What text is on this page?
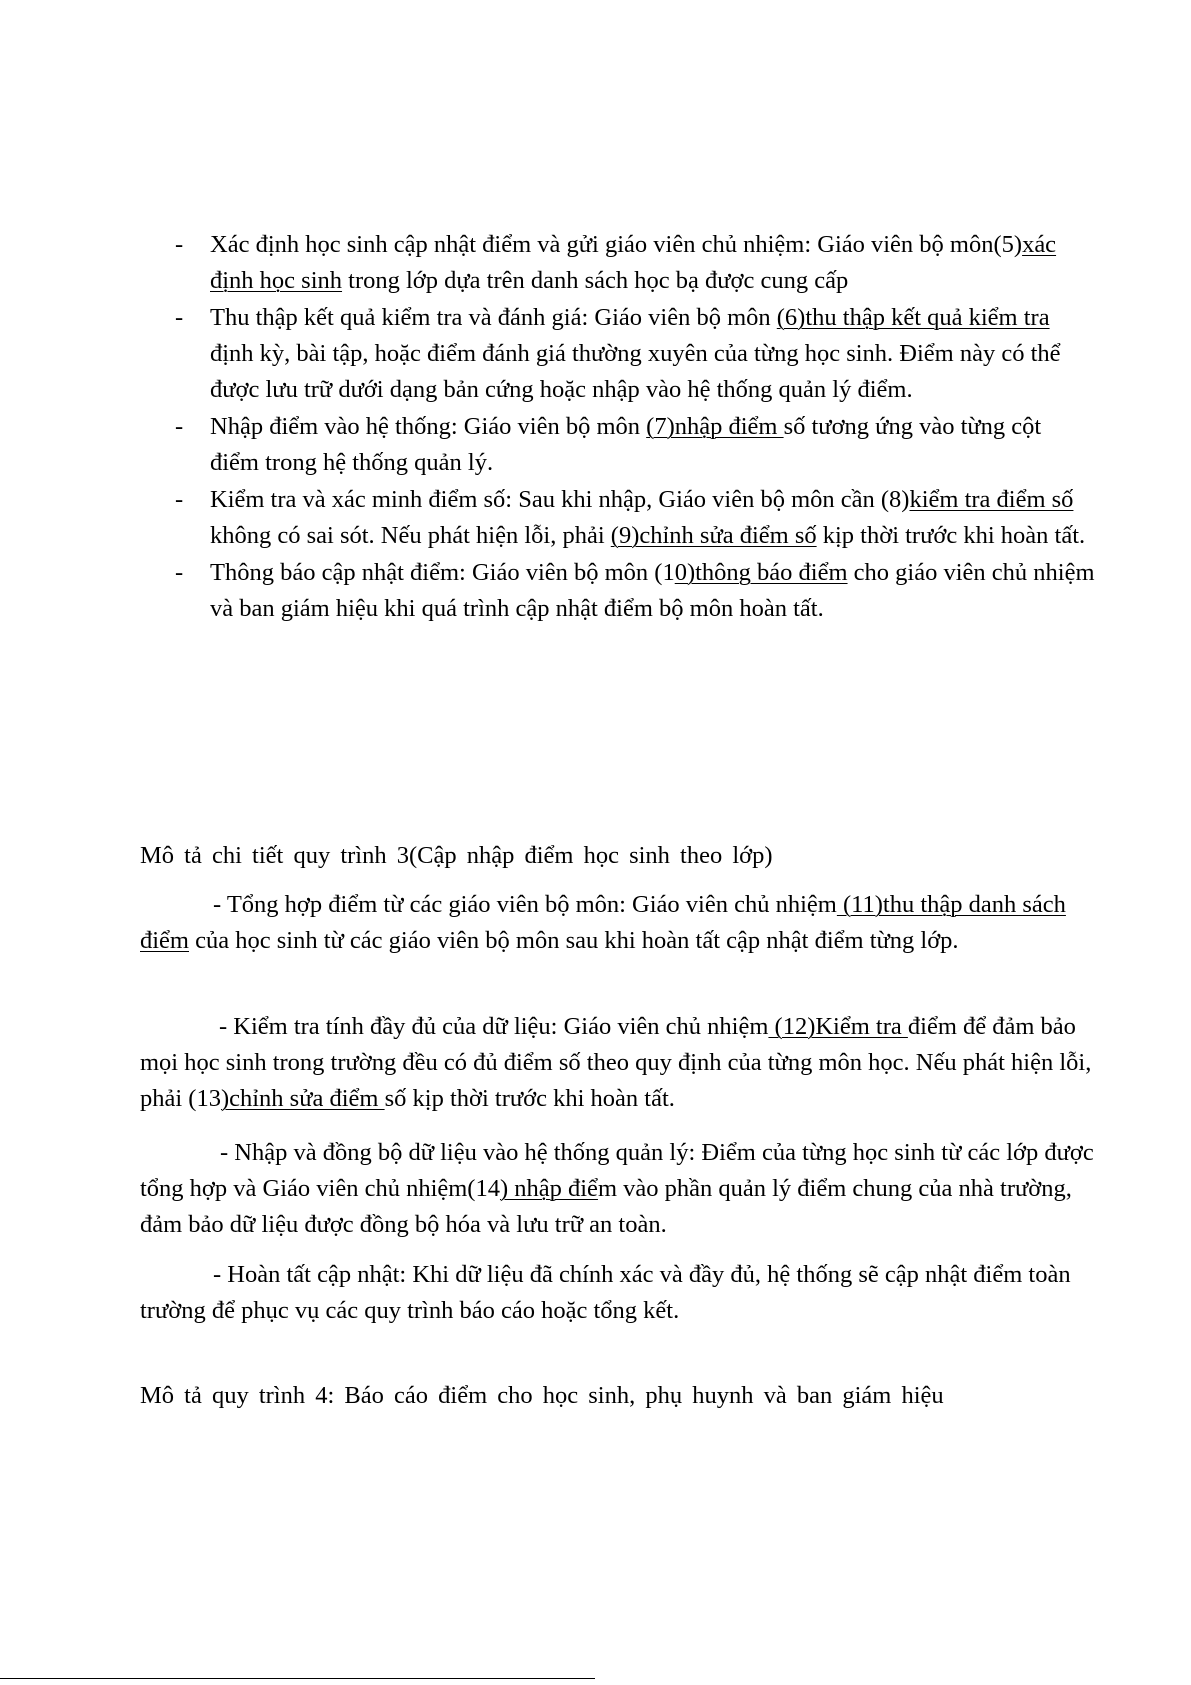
- Xác định học sinh cập nhật điểm và gửi giáo viên chủ nhiệm: Giáo viên bộ môn(5)xác định học sinh trong lớp dựa trên danh sách học bạ được cung cấp

- Thu thập kết quả kiểm tra và đánh giá: Giáo viên bộ môn (6)thu thập kết quả kiểm tra định kỳ, bài tập, hoặc điểm đánh giá thường xuyên của từng học sinh. Điểm này có thể được lưu trữ dưới dạng bản cứng hoặc nhập vào hệ thống quản lý điểm.

- Nhập điểm vào hệ thống: Giáo viên bộ môn (7)nhập điểm số tương ứng vào từng cột điểm trong hệ thống quản lý.

- Kiểm tra và xác minh điểm số: Sau khi nhập, Giáo viên bộ môn cần (8)kiểm tra điểm số không có sai sót. Nếu phát hiện lỗi, phải (9)chỉnh sửa điểm số kịp thời trước khi hoàn tất.

- Thông báo cập nhật điểm: Giáo viên bộ môn (10)thông báo điểm cho giáo viên chủ nhiệm và ban giám hiệu khi quá trình cập nhật điểm bộ môn hoàn tất.

Mô tả chi tiết quy trình 3(Cập nhập điểm học sinh theo lớp)

- Tổng hợp điểm từ các giáo viên bộ môn: Giáo viên chủ nhiệm (11)thu thập danh sách điểm của học sinh từ các giáo viên bộ môn sau khi hoàn tất cập nhật điểm từng lớp.

- Kiểm tra tính đầy đủ của dữ liệu: Giáo viên chủ nhiệm (12)Kiểm tra điểm để đảm bảo mọi học sinh trong trường đều có đủ điểm số theo quy định của từng môn học. Nếu phát hiện lỗi, phải (13)chỉnh sửa điểm số kịp thời trước khi hoàn tất.

- Nhập và đồng bộ dữ liệu vào hệ thống quản lý: Điểm của từng học sinh từ các lớp được tổng hợp và Giáo viên chủ nhiệm(14) nhập điểm vào phần quản lý điểm chung của nhà trường, đảm bảo dữ liệu được đồng bộ hóa và lưu trữ an toàn.

- Hoàn tất cập nhật: Khi dữ liệu đã chính xác và đầy đủ, hệ thống sẽ cập nhật điểm toàn trường để phục vụ các quy trình báo cáo hoặc tổng kết.

Mô tả quy trình 4: Báo cáo điểm cho học sinh, phụ huynh và ban giám hiệu
